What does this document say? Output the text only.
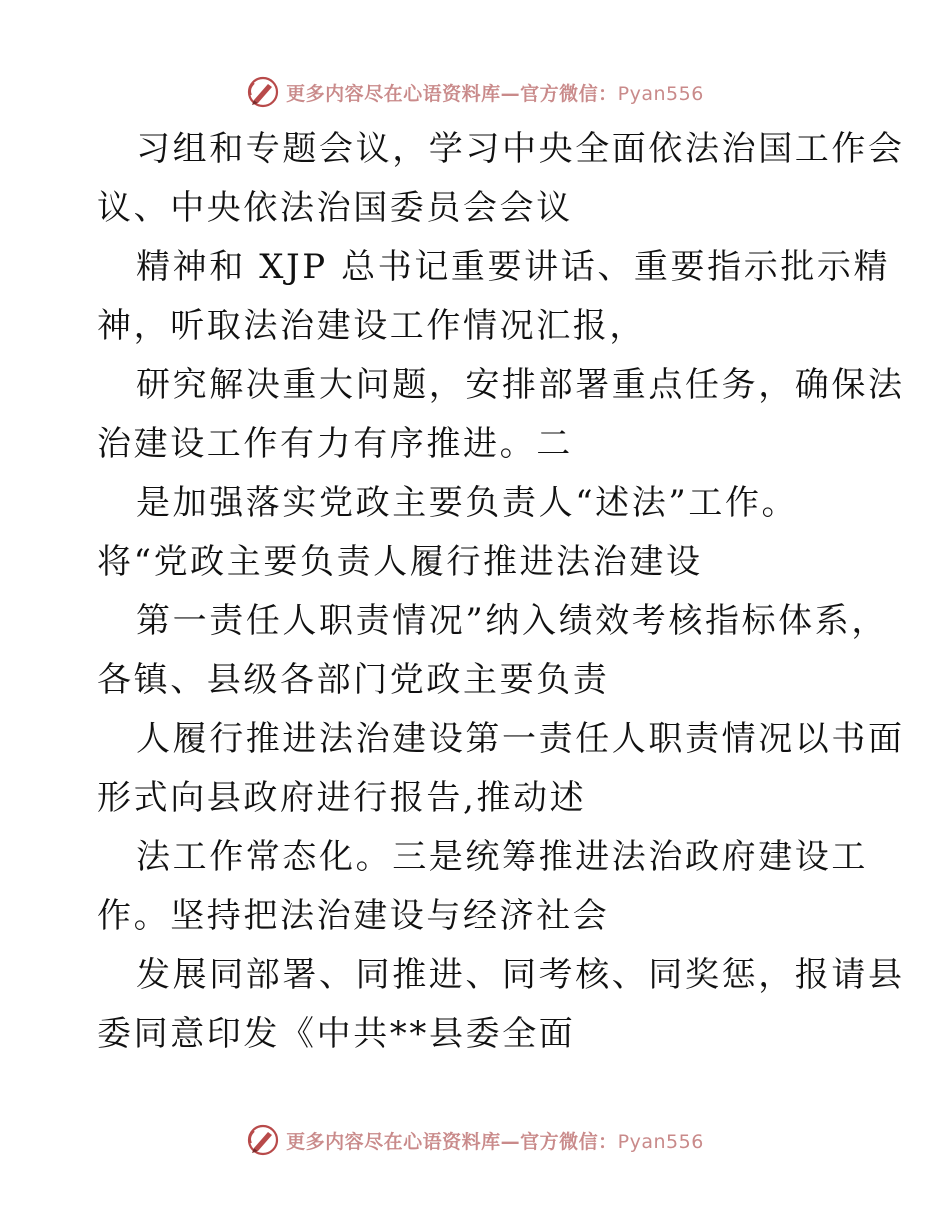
更多内容尽在心语资料库—官方微信：Pyan556
习组和专题会议，学习中央全面依法治国工作会
议、中央依法治国委员会会议
精神和 XJP 总书记重要讲话、重要指示批示精
神，听取法治建设工作情况汇报，
研究解决重大问题，安排部署重点任务，确保法
治建设工作有力有序推进。二
是加强落实党政主要负责人“述法”工作。
将“党政主要负责人履行推进法治建设
第一责任人职责情况”纳入绩效考核指标体系，
各镇、县级各部门党政主要负责
人履行推进法治建设第一责任人职责情况以书面
形式向县政府进行报告,推动述
法工作常态化。三是统筹推进法治政府建设工
作。坚持把法治建设与经济社会
发展同部署、同推进、同考核、同奖惩，报请县
委同意印发《中共**县委全面
更多内容尽在心语资料库—官方微信：Pyan556
